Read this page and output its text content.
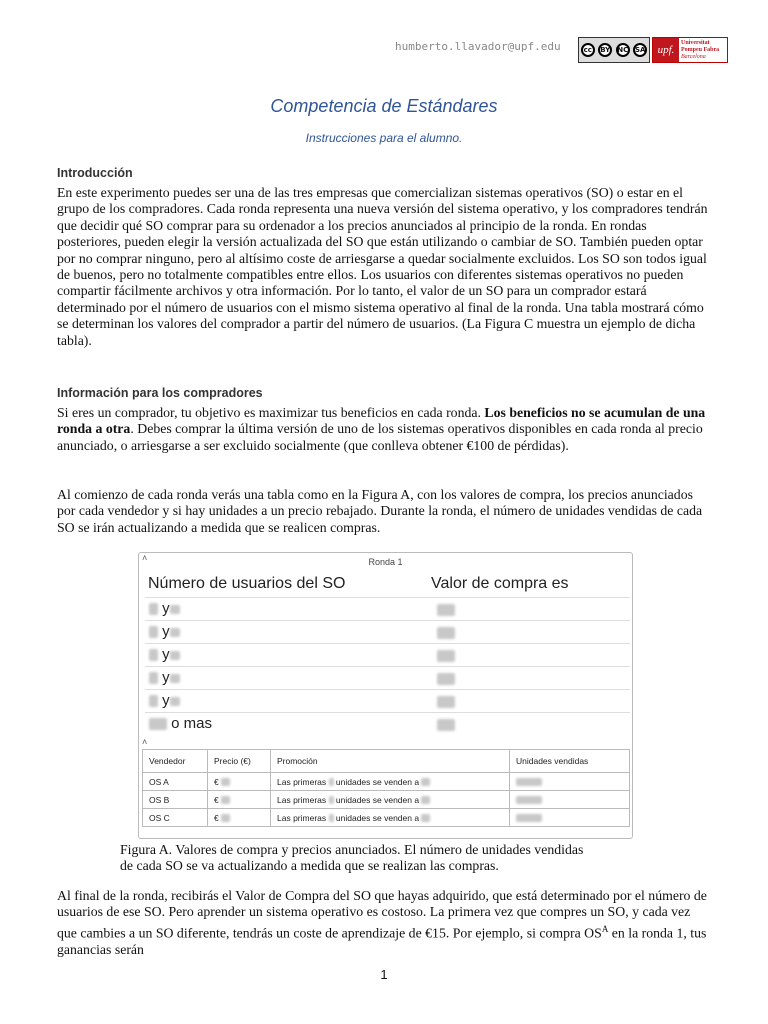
humberto.llavador@upf.edu	cc	BY NC SA	upf.
Universitat
Pompeu Fabra
Barcelona
Competencia de Estándares
Instrucciones para el alumno.
Introducción
En este experimento puedes ser una de las tres empresas que comercializan sistemas operativos (SO) o estar en el grupo de los compradores. Cada ronda representa una nueva versión del sistema operativo, y los compradores tendrán que decidir qué SO comprar para su ordenador a los precios anunciados al principio de la ronda. En rondas posteriores, pueden elegir la versión actualizada del SO que están utilizando o cambiar de SO. También pueden optar por no comprar ninguno, pero al altísimo coste de arriesgarse a quedar socialmente excluidos. Los SO son todos igual de buenos, pero no totalmente compatibles entre ellos. Los usuarios con diferentes sistemas operativos no pueden compartir fácilmente archivos y otra información. Por lo tanto, el valor de un SO para un comprador estará determinado por el número de usuarios con el mismo sistema operativo al final de la ronda. Una tabla mostrará cómo se determinan los valores del comprador a partir del número de usuarios. (La Figura C muestra un ejemplo de dicha tabla).
Información para los compradores
Si eres un comprador, tu objetivo es maximizar tus beneficios en cada ronda. Los beneficios no se acumulan de una ronda a otra. Debes comprar la última versión de uno de los sistemas operativos disponibles en cada ronda al precio anunciado, o arriesgarse a ser excluido socialmente (que conlleva obtener €100 de pérdidas).
Al comienzo de cada ronda verás una tabla como en la Figura A, con los valores de compra, los precios anunciados por cada vendedor y si hay unidades a un precio rebajado. Durante la ronda, el número de unidades vendidas de cada SO se irán actualizando a medida que se realicen compras.
˄	Ronda 1
Número de usuarios del SO	Valor de compra es
y
y
y
y
y
o mas
˄
Vendedor	Precio (€)	Promoción	Unidades vendidas
OS A	€	Las primeras unidades se venden a	
OS B	€	Las primeras unidades se venden a	
OS C	€	Las primeras unidades se venden a	
Figura A. Valores de compra y precios anunciados. El número de unidades vendidas
de cada SO se va actualizando a medida que se realizan las compras.
Al final de la ronda, recibirás el Valor de Compra del SO que hayas adquirido, que está determinado por el número de usuarios de ese SO. Pero aprender un sistema operativo es costoso. La primera vez que compres un SO, y cada vez que cambies a un SO diferente, tendrás un coste de aprendizaje de €15. Por ejemplo, si compra $OS^A$ en la ronda 1, tus ganancias serán
1
